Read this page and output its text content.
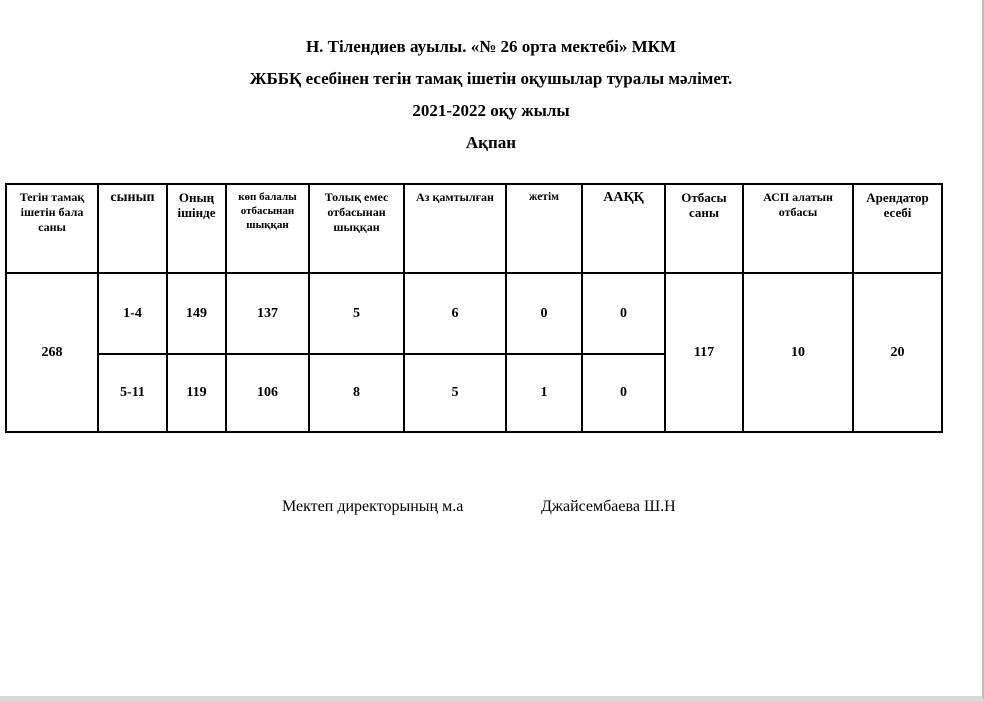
Н. Тілендиев ауылы. «№ 26 орта мектебі» МКМ

ЖББҚ есебінен тегін тамақ ішетін оқушылар туралы мәлімет.

2021-2022 оқу жылы

Ақпан

Тегін тамақ ішетін бала саны	сынып	Оның ішінде	көп балалы отбасынан шыққан	Толық емес отбасынан шыққан	Аз қамтылған	жетім	ААҚҚ	Отбасы саны	АСП алатын отбасы	Арендатор есебі
268	1-4	149	137	5	6	0	0	117	10	20
	5-11	119	106	8	5	1	0			
Мектеп директорының м.а	Джайсембаева Ш.Н
